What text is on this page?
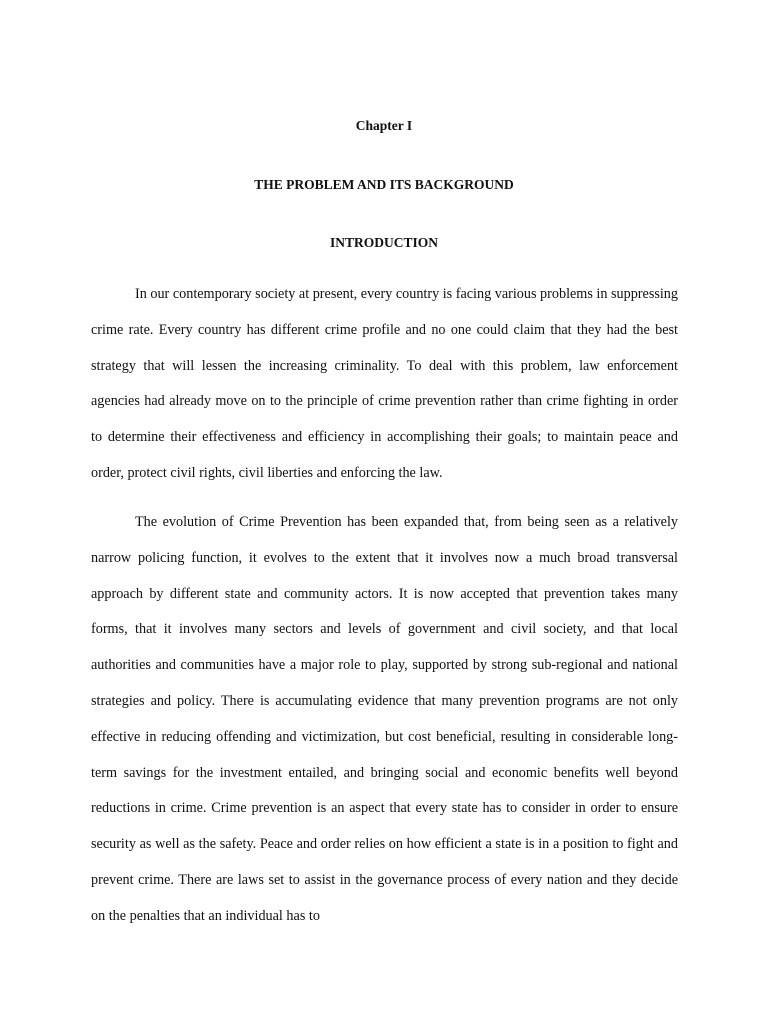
Chapter I
THE PROBLEM AND ITS BACKGROUND
INTRODUCTION

In our contemporary society at present, every country is facing various problems in suppressing crime rate. Every country has different crime profile and no one could claim that they had the best strategy that will lessen the increasing criminality. To deal with this problem, law enforcement agencies had already move on to the principle of crime prevention rather than crime fighting in order to determine their effectiveness and efficiency in accomplishing their goals; to maintain peace and order, protect civil rights, civil liberties and enforcing the law.

The evolution of Crime Prevention has been expanded that, from being seen as a relatively narrow policing function, it evolves to the extent that it involves now a much broad transversal approach by different state and community actors. It is now accepted that prevention takes many forms, that it involves many sectors and levels of government and civil society, and that local authorities and communities have a major role to play, supported by strong sub-regional and national strategies and policy. There is accumulating evidence that many prevention programs are not only effective in reducing offending and victimization, but cost beneficial, resulting in considerable long-term savings for the investment entailed, and bringing social and economic benefits well beyond reductions in crime. Crime prevention is an aspect that every state has to consider in order to ensure security as well as the safety. Peace and order relies on how efficient a state is in a position to fight and prevent crime. There are laws set to assist in the governance process of every nation and they decide on the penalties that an individual has to
